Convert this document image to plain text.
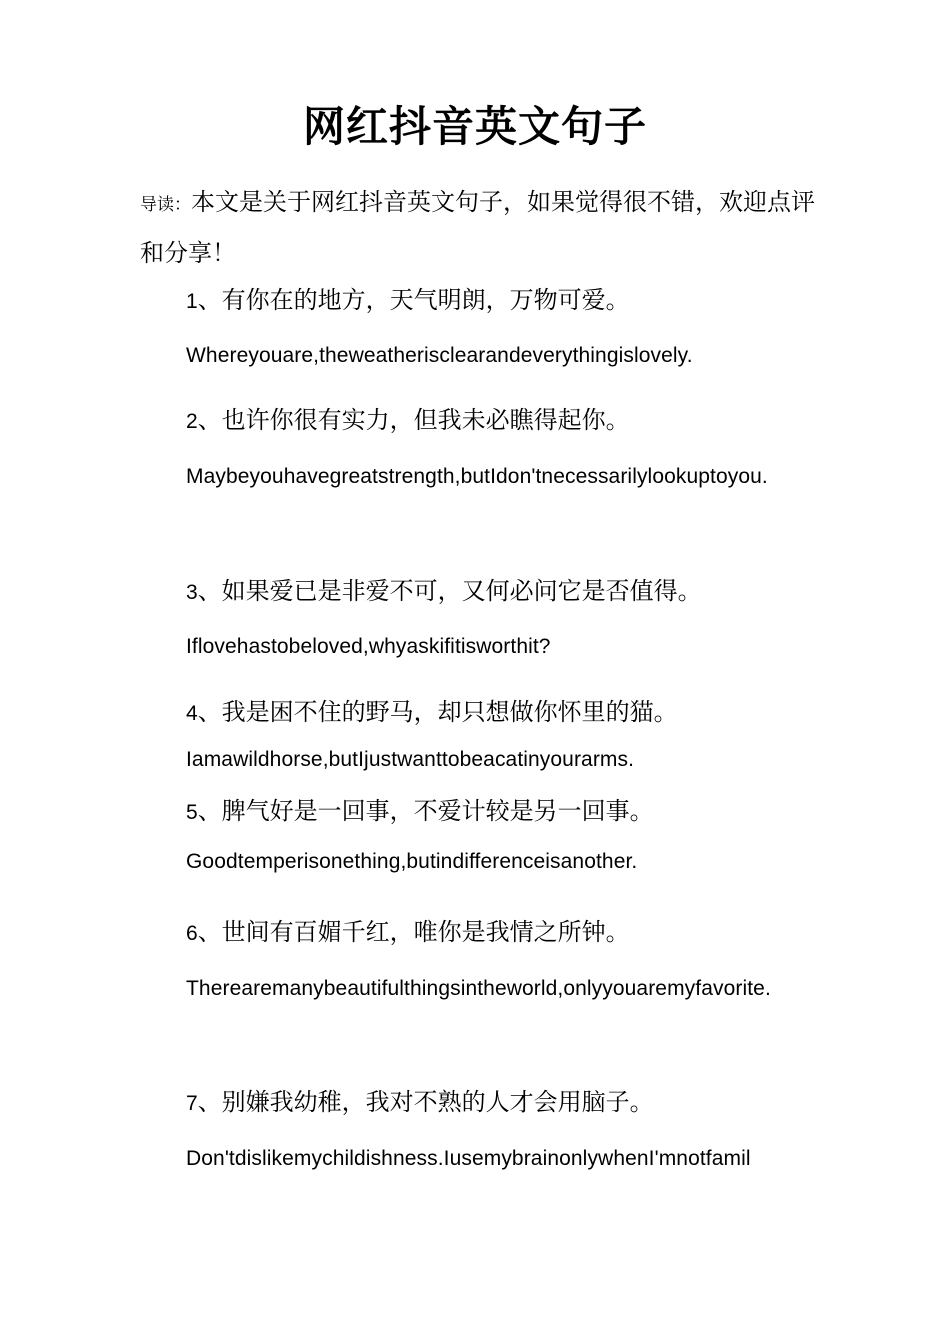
网红抖音英文句子
导读：本文是关于网红抖音英文句子，如果觉得很不错，欢迎点评和分享！
1、有你在的地方，天气明朗，万物可爱。
Whereyouare,theweatherisclearandeverythingislovely.
2、也许你很有实力，但我未必瞧得起你。
Maybeyouhavegreatstrength,butIdon'tnecessarilylookuptoyou.
3、如果爱已是非爱不可，又何必问它是否值得。
Iflovehastobeloved,whyaskifitisworthit?
4、我是困不住的野马，却只想做你怀里的猫。
Iamawildhorse,butIjustwanttobeacatinyourarms.
5、脾气好是一回事，不爱计较是另一回事。
Goodtemperisonething,butindifferenceisanother.
6、世间有百媚千红，唯你是我情之所钟。
Therearemanybeautifulthingsintheworld,onlyyouaremyfavorite.
7、别嫌我幼稚，我对不熟的人才会用脑子。
Don'tdislikemychildishness.IusemybrainonlywhenI'mnotfamil
